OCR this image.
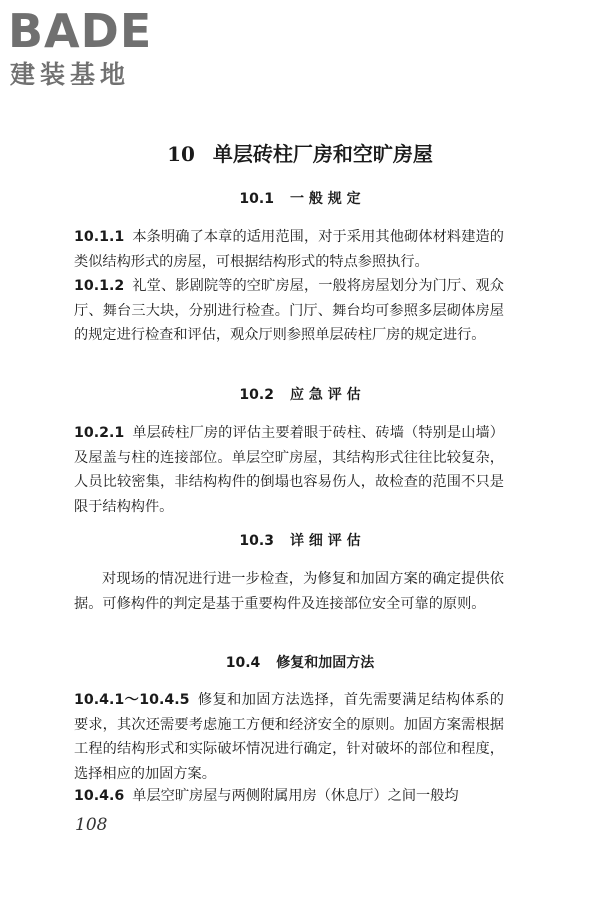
BADE
建装基地
10 单层砖柱厂房和空旷房屋
10.1 一 般 规 定

10.1.1 本条明确了本章的适用范围，对于采用其他砌体材料建造的类似结构形式的房屋，可根据结构形式的特点参照执行。

10.1.2 礼堂、影剧院等的空旷房屋，一般将房屋划分为门厅、观众厅、舞台三大块，分别进行检查。门厅、舞台均可参照多层砌体房屋的规定进行检查和评估，观众厅则参照单层砖柱厂房的规定进行。

10.2 应 急 评 估

10.2.1 单层砖柱厂房的评估主要着眼于砖柱、砖墙（特别是山墙）及屋盖与柱的连接部位。单层空旷房屋，其结构形式往往比较复杂，人员比较密集，非结构构件的倒塌也容易伤人，故检查的范围不只是限于结构构件。

10.3 详 细 评 估

对现场的情况进行进一步检查，为修复和加固方案的确定提供依据。可修构件的判定是基于重要构件及连接部位安全可靠的原则。

10.4 修复和加固方法

10.4.1～10.4.5 修复和加固方法选择，首先需要满足结构体系的要求，其次还需要考虑施工方便和经济安全的原则。加固方案需根据工程的结构形式和实际破坏情况进行确定，针对破坏的部位和程度，选择相应的加固方案。

10.4.6 单层空旷房屋与两侧附属用房（休息厅）之间一般均

108
